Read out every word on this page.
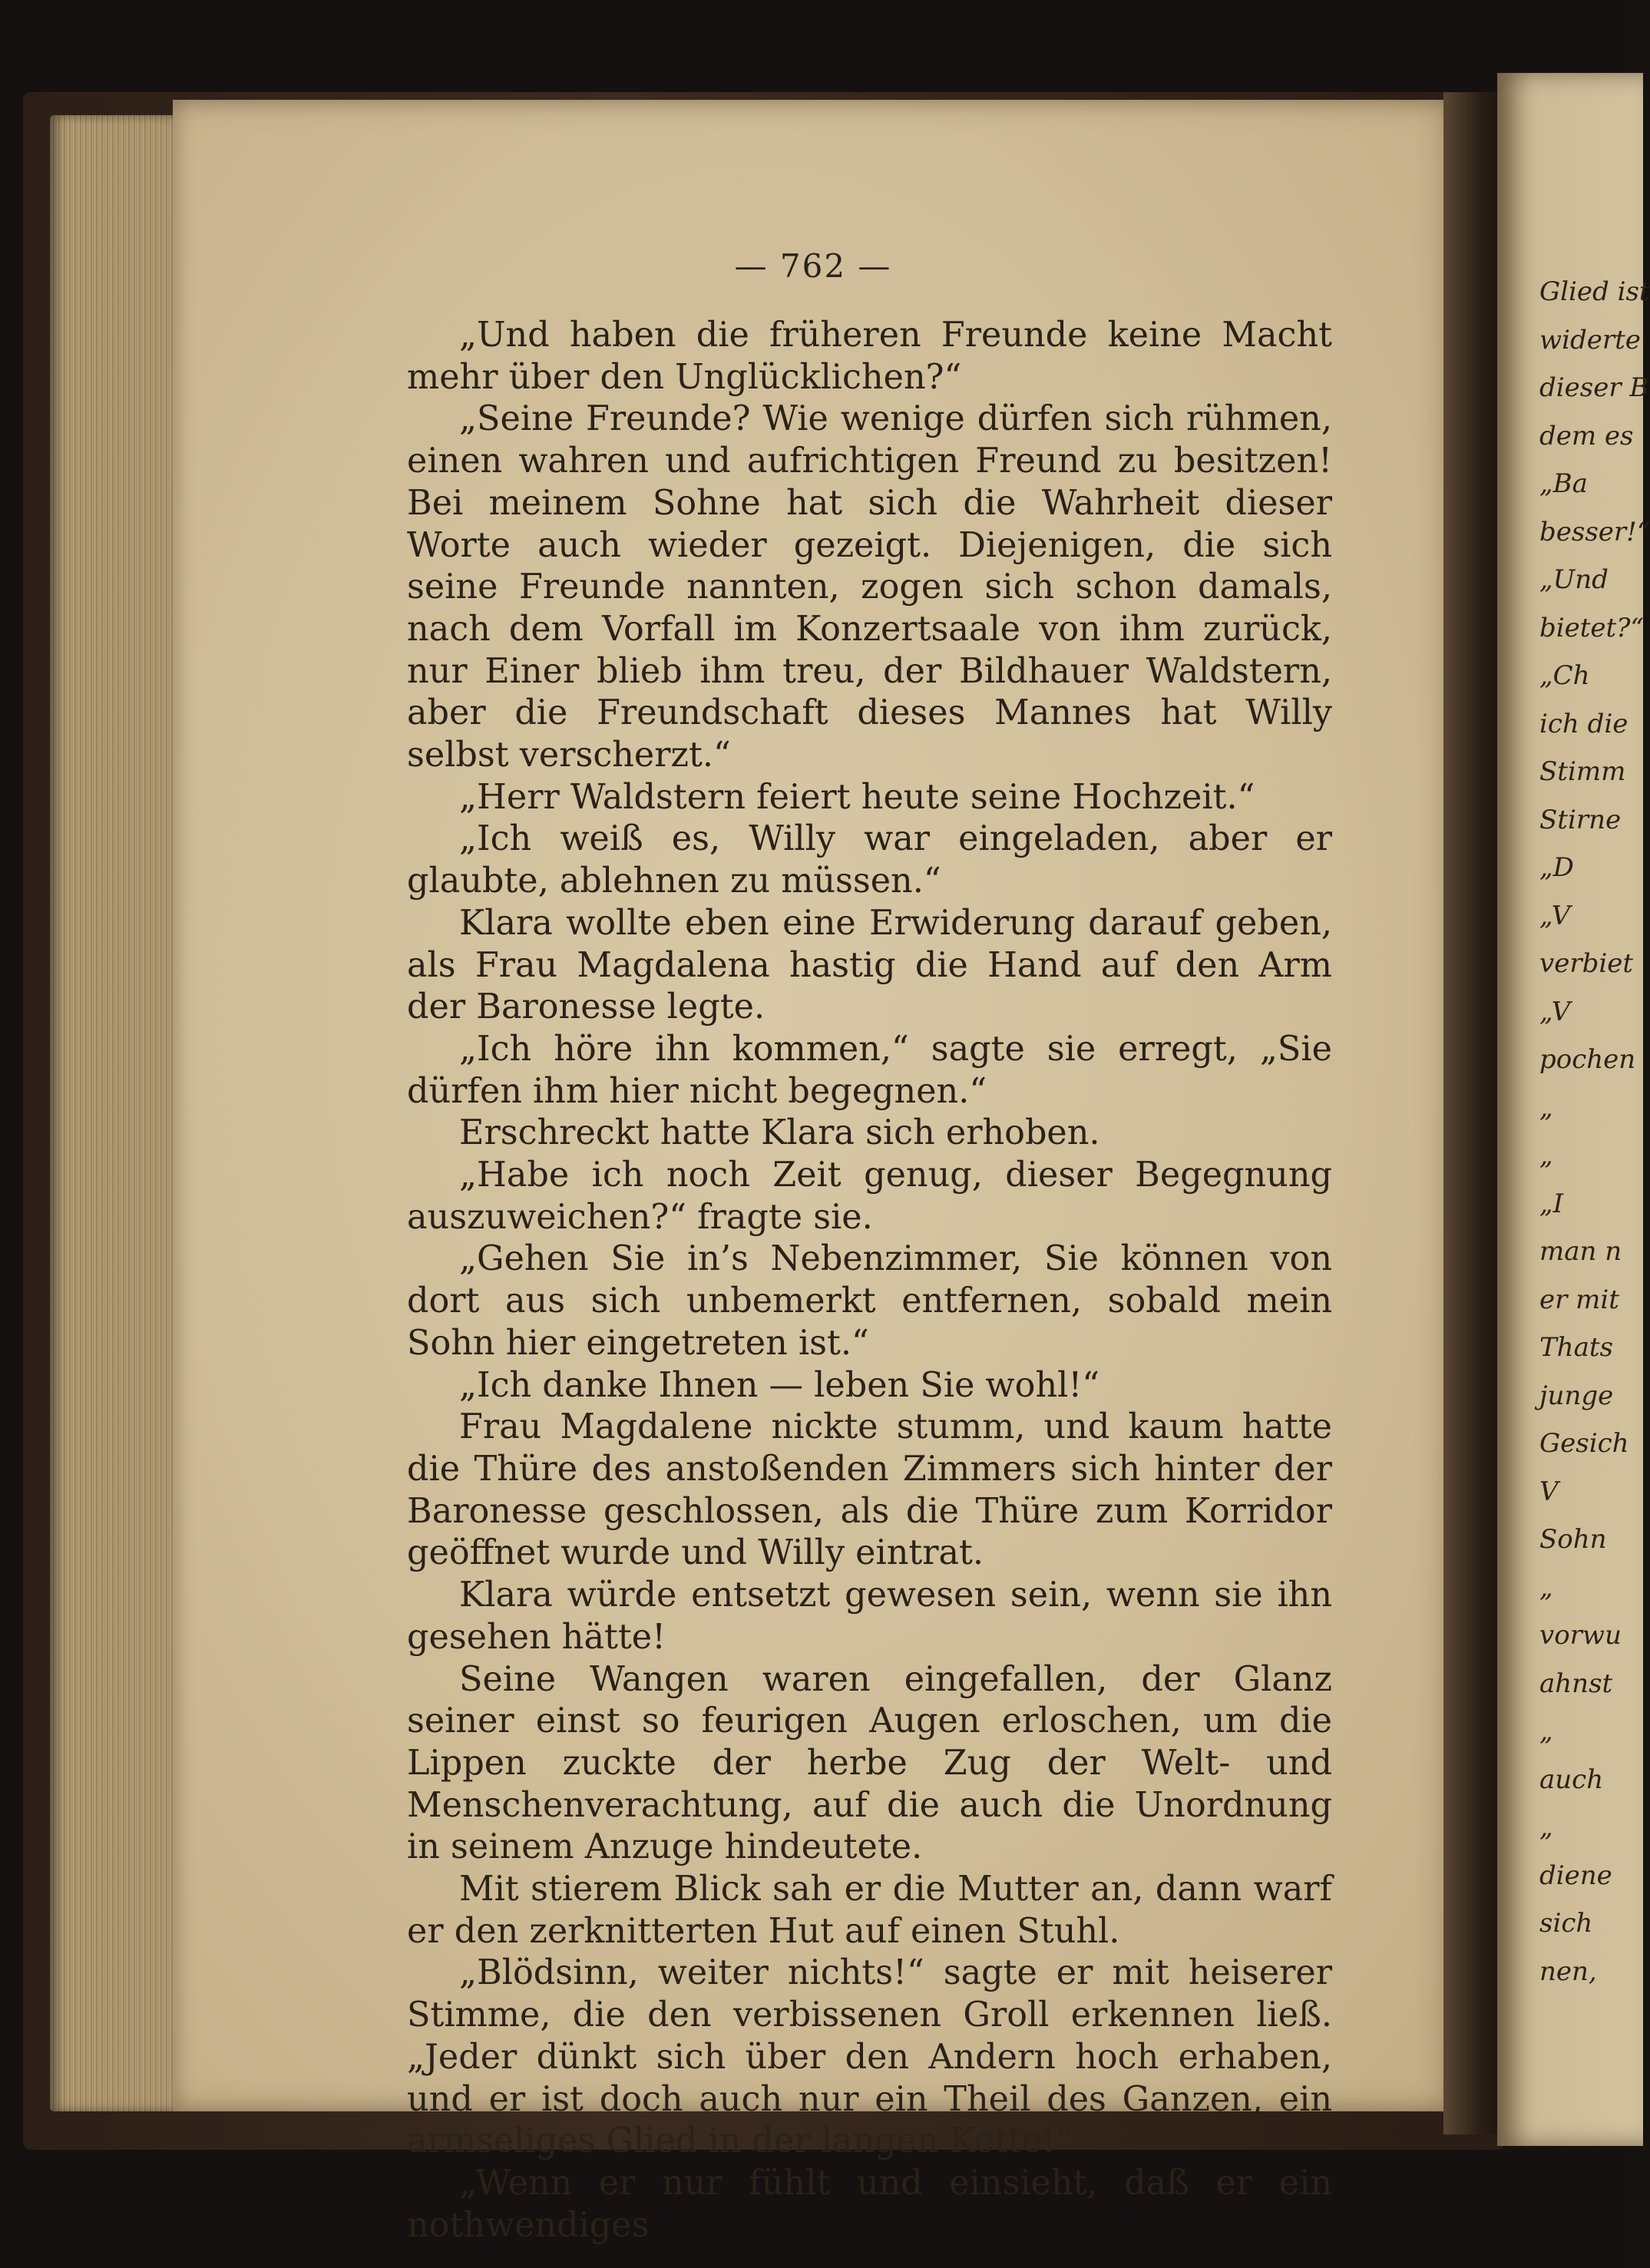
— 762 —

„Und haben die früheren Freunde keine Macht mehr über den Unglücklichen?“

„Seine Freunde? Wie wenige dürfen sich rühmen, einen wahren und aufrichtigen Freund zu besitzen! Bei meinem Sohne hat sich die Wahrheit dieser Worte auch wieder gezeigt. Diejenigen, die sich seine Freunde nannten, zogen sich schon damals, nach dem Vorfall im Konzertsaale von ihm zurück, nur Einer blieb ihm treu, der Bildhauer Waldstern, aber die Freundschaft dieses Mannes hat Willy selbst verscherzt.“

„Herr Waldstern feiert heute seine Hochzeit.“

„Ich weiß es, Willy war eingeladen, aber er glaubte, ablehnen zu müssen.“

Klara wollte eben eine Erwiderung darauf geben, als Frau Magdalena hastig die Hand auf den Arm der Baronesse legte.

„Ich höre ihn kommen,“ sagte sie erregt, „Sie dürfen ihm hier nicht begegnen.“

Erschreckt hatte Klara sich erhoben.

„Habe ich noch Zeit genug, dieser Begegnung auszuweichen?“ fragte sie.

„Gehen Sie in’s Nebenzimmer, Sie können von dort aus sich unbemerkt entfernen, sobald mein Sohn hier eingetreten ist.“

„Ich danke Ihnen — leben Sie wohl!“

Frau Magdalene nickte stumm, und kaum hatte die Thüre des anstoßenden Zimmers sich hinter der Baronesse geschlossen, als die Thüre zum Korridor geöffnet wurde und Willy eintrat.

Klara würde entsetzt gewesen sein, wenn sie ihn gesehen hätte!

Seine Wangen waren eingefallen, der Glanz seiner einst so feurigen Augen erloschen, um die Lippen zuckte der herbe Zug der Welt- und Menschenverachtung, auf die auch die Unordnung in seinem Anzuge hindeutete.

Mit stierem Blick sah er die Mutter an, dann warf er den zerknitterten Hut auf einen Stuhl.

„Blödsinn, weiter nichts!“ sagte er mit heiserer Stimme, die den verbissenen Groll erkennen ließ. „Jeder dünkt sich über den Andern hoch erhaben, und er ist doch auch nur ein Theil des Ganzen, ein armseliges Glied in der langen Kette!“

„Wenn er nur fühlt und einsieht, daß er ein nothwendiges

Glied ist
widerte
dieser B
dem es
„Ba
besser!“
„Und
bietet?“
„Ch
ich die
Stimm
Stirne
„D
„V
verbiet
„V
pochen
„
„
„I
man n
er mit
Thats
junge
Gesich
V
Sohn
„
vorwu
ahnst
„
auch
„
diene
sich
nen,
